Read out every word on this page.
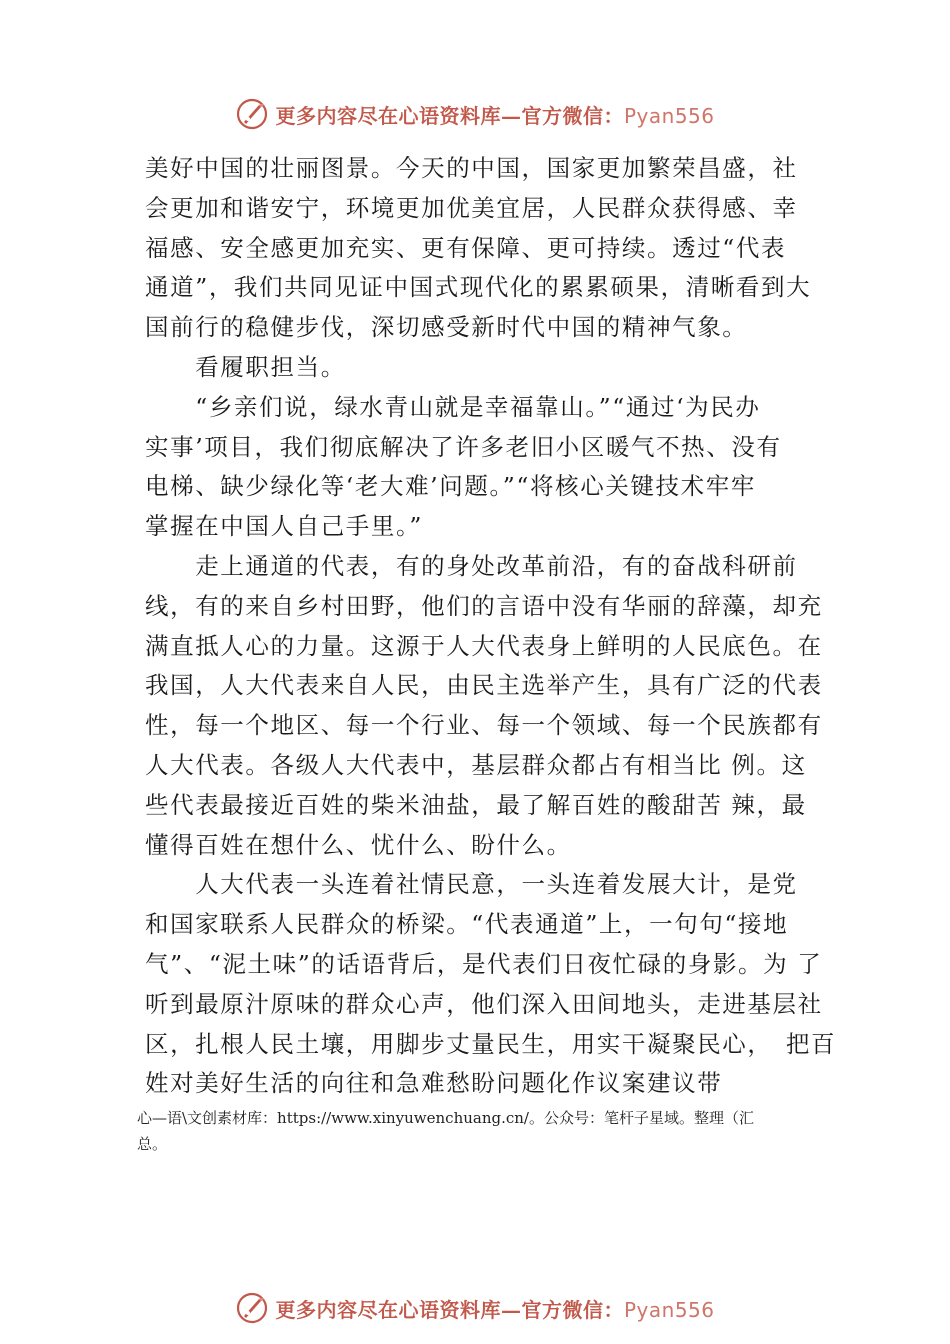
更多内容尽在心语资料库—官方微信：Pyan556
美好中国的壮丽图景。今天的中国，国家更加繁荣昌盛，社
会更加和谐安宁，环境更加优美宜居，人民群众获得感、幸
福感、安全感更加充实、更有保障、更可持续。透过“代表
通道”，我们共同见证中国式现代化的累累硕果，清晰看到大
国前行的稳健步伐，深切感受新时代中国的精神气象。
　　看履职担当。
　　“乡亲们说，绿水青山就是幸福靠山。”“通过‘为民办
实事’项目，我们彻底解决了许多老旧小区暖气不热、没有
电梯、缺少绿化等‘老大难’问题。”“将核心关键技术牢牢
掌握在中国人自己手里。”
　　走上通道的代表，有的身处改革前沿，有的奋战科研前
线，有的来自乡村田野，他们的言语中没有华丽的辞藻，却充
满直抵人心的力量。这源于人大代表身上鲜明的人民底色。在
我国，人大代表来自人民，由民主选举产生，具有广泛的代表
性，每一个地区、每一个行业、每一个领域、每一个民族都有
人大代表。各级人大代表中，基层群众都占有相当比 例。这
些代表最接近百姓的柴米油盐，最了解百姓的酸甜苦 辣，最
懂得百姓在想什么、忧什么、盼什么。
　　人大代表一头连着社情民意，一头连着发展大计，是党
和国家联系人民群众的桥梁。“代表通道”上，一句句“接地
气”、“泥土味”的话语背后，是代表们日夜忙碌的身影。为 了
听到最原汁原味的群众心声，他们深入田间地头，走进基层社
区，扎根人民土壤，用脚步丈量民生，用实干凝聚民心，　把百
姓对美好生活的向往和急难愁盼问题化作议案建议带
心—语\文创素材库：https://www.xinyuwenchuang.cn/。公众号：笔杆子星域。整理（汇
总。
更多内容尽在心语资料库—官方微信：Pyan556
